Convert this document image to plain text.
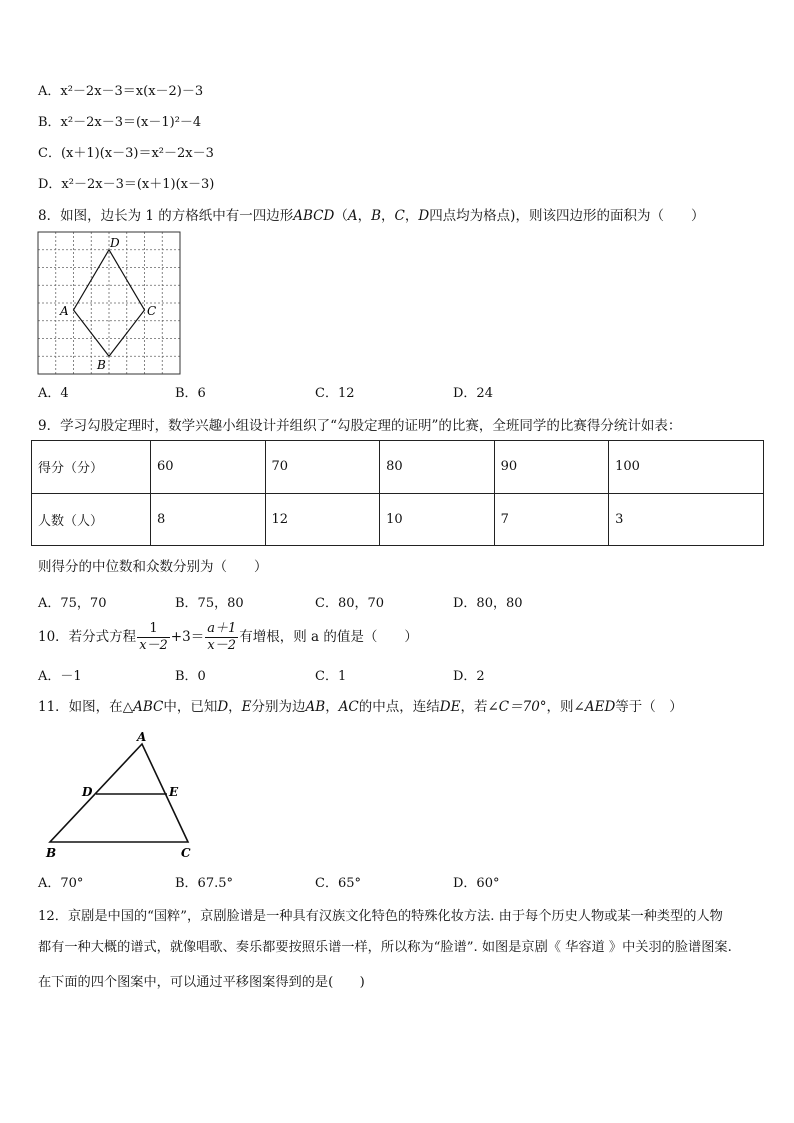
A．x²－2x－3＝x(x－2)－3
B．x²－2x－3＝(x－1)²－4
C．(x＋1)(x－3)＝x²－2x－3
D．x²－2x－3＝(x＋1)(x－3)
8．如图，边长为 1 的方格纸中有一四边形ABCD（A，B，C，D四点均为格点)，则该四边形的面积为（　　）
D
A	C
B
A．4	B．6	C．12	D．24
9．学习勾股定理时，数学兴趣小组设计并组织了“勾股定理的证明”的比赛，全班同学的比赛得分统计如表：
得分（分）	60	70	80	90	100
人数（人）	8	12	10	7	3
则得分的中位数和众数分别为（　　）
A．75，70	B．75，80	C．80，70	D．80，80
10．若分式方程 $\frac{1}{x-2} +3= \frac{a+1}{x-2}$ 有增根，则 a 的值是（　　）
A．－1	B．0	C．1	D．2
11．如图，在△ABC中，已知D，E分别为边AB，AC的中点，连结DE，若∠C＝70°，则∠AED等于（　）
A
D	E
B	C
A．70°	B．67.5°	C．65°	D．60°
12．京剧是中国的“国粹”，京剧脸谱是一种具有汉族文化特色的特殊化妆方法. 由于每个历史人物或某一种类型的人物
都有一种大概的谱式，就像唱歌、奏乐都要按照乐谱一样，所以称为“脸谱”. 如图是京剧《 华容道 》中关羽的脸谱图案.
在下面的四个图案中，可以通过平移图案得到的是(　　)
